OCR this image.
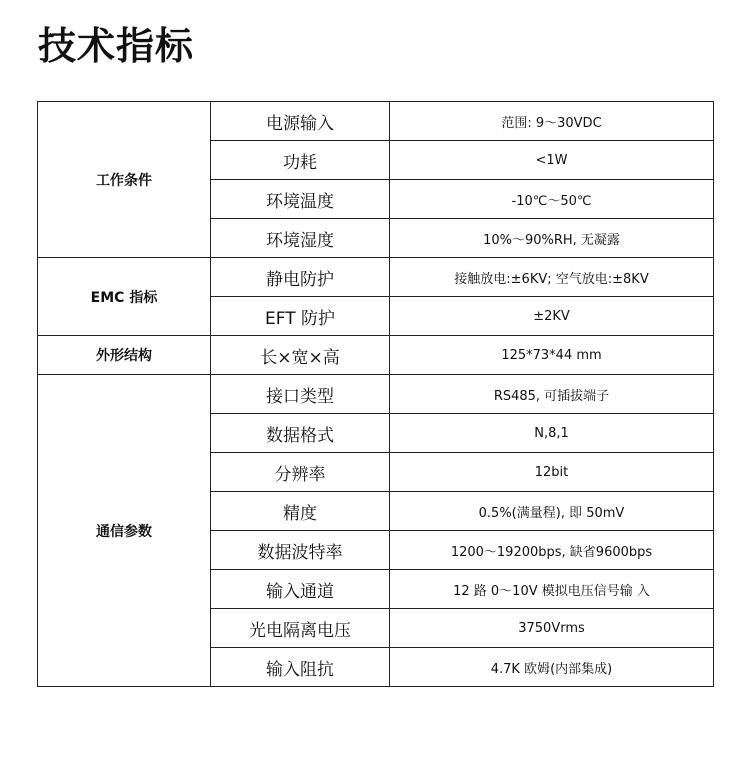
技术指标
工作条件	电源输入	范围: 9～30VDC
	功耗	<1W
	环境温度	-10℃～50℃
	环境湿度	10%～90%RH, 无凝露
EMC 指标	静电防护	接触放电:±6KV; 空气放电:±8KV
	EFT 防护	±2KV
外形结构	长×宽×高	125*73*44 mm
通信参数	接口类型	RS485, 可插拔端子
	数据格式	N,8,1
	分辨率	12bit
	精度	0.5%(满量程), 即 50mV
	数据波特率	1200～19200bps, 缺省9600bps
	输入通道	12 路 0～10V 模拟电压信号输 入
	光电隔离电压	3750Vrms
	输入阻抗	4.7K 欧姆(内部集成)
